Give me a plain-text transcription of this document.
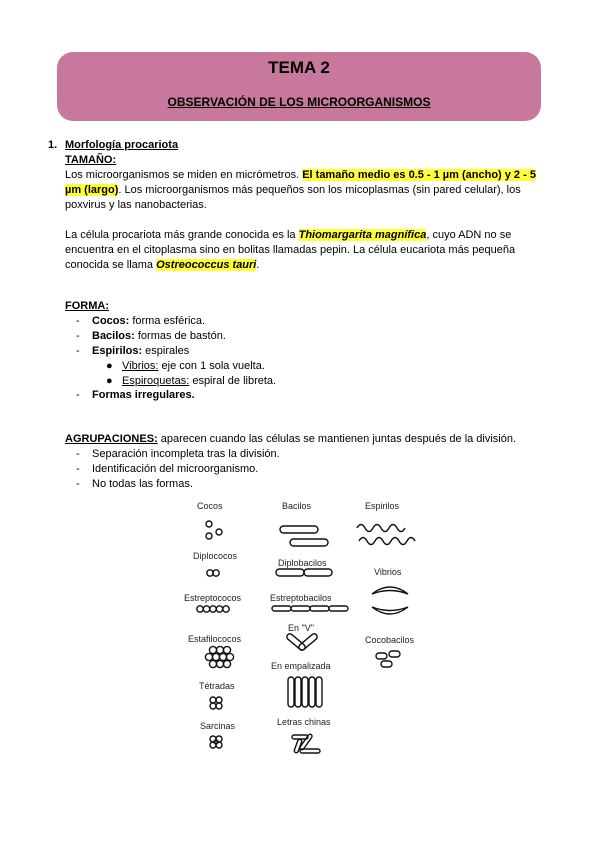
TEMA 2
OBSERVACIÓN DE LOS MICROORGANISMOS
1. Morfología procariota
TAMAÑO:
Los microorganismos se miden en micrómetros. El tamaño medio es 0.5 - 1 µm (ancho) y 2 - 5
µm (largo). Los microorganismos más pequeños son los micoplasmas (sin pared celular), los
poxvirus y las nanobacterias.
La célula procariota más grande conocida es la Thiomargarita magnífica, cuyo ADN no se
encuentra en el citoplasma sino en bolitas llamadas pepin. La célula eucariota más pequeña
conocida se llama Ostreococcus tauri.
FORMA:
- Cocos: forma esférica.
- Bacilos: formas de bastón.
- Espirilos: espirales
● Vibrios: eje con 1 sola vuelta.
● Espiroquetas: espiral de libreta.
- Formas irregulares.
AGRUPACIONES: aparecen cuando las células se mantienen juntas después de la división.
- Separación incompleta tras la división.
- Identificación del microorganismo.
- No todas las formas.
Cocos
Diplococos
Estreptococos
Estafilococos
Tétradas
Sarcinas
Bacilos
Diplobacilos
Estreptobacilos
En "V"
En empalizada
Letras chinas
Espirilos
Vibrios
Cocobacilos
